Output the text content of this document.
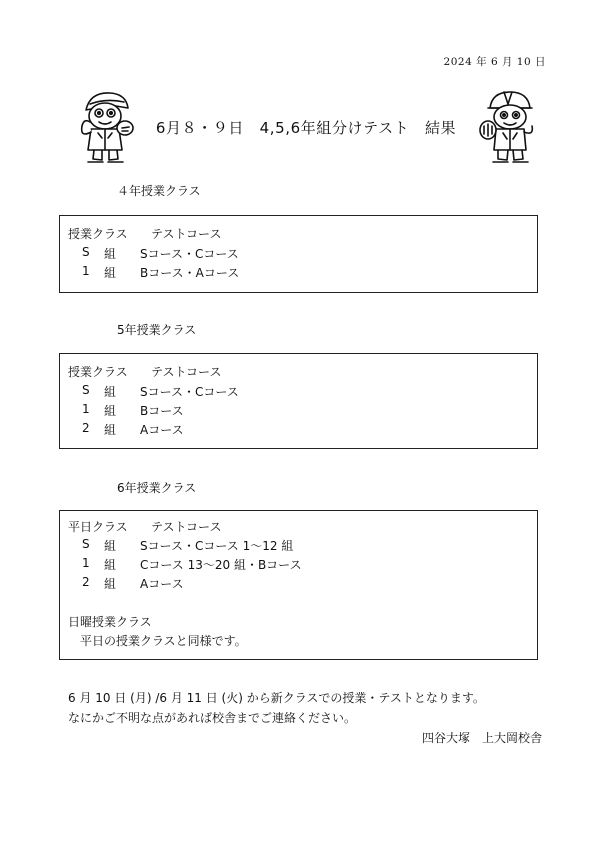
2024 年 6 月 10 日
6月８・９日　4,5,6年組分けテスト　結果
４年授業クラス
授業クラス テストコース
S 組 Sコース・Cコース
1 組 Bコース・Aコース
5年授業クラス
授業クラス テストコース
S 組 Sコース・Cコース
1 組 Bコース
2 組 Aコース
6年授業クラス
平日クラス テストコース
S 組 Sコース・Cコース 1～12 組
1 組 Cコース 13～20 組・Bコース
2 組 Aコース
日曜授業クラス
平日の授業クラスと同様です。
6 月 10 日 (月) /6 月 11 日 (火) から新クラスでの授業・テストとなります。
なにかご不明な点があれば校舎までご連絡ください。
四谷大塚　上大岡校舎
